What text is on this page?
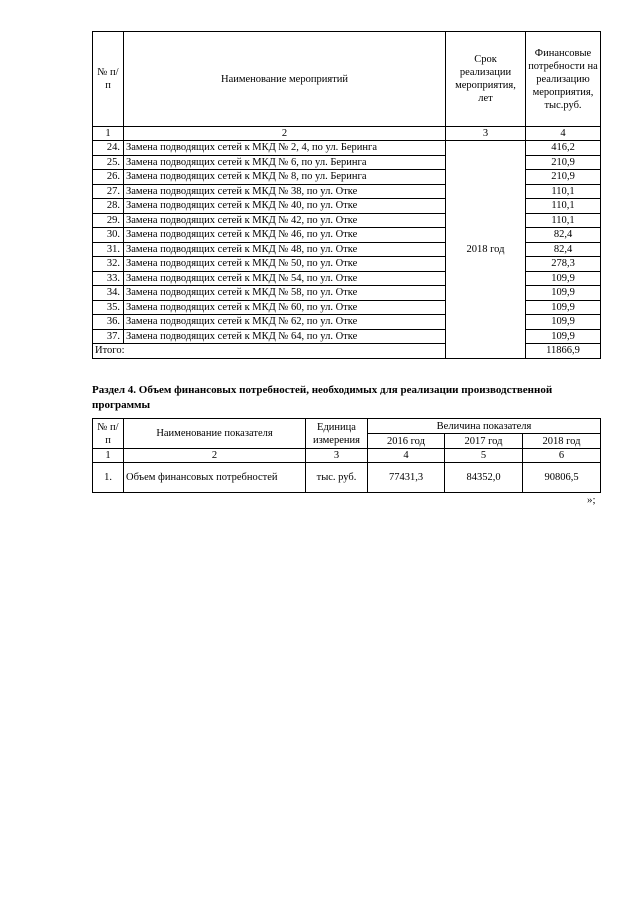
№ п/п	Наименование мероприятий	Срок реализации мероприятия, лет	Финансовые потребности на реализацию мероприятия, тыс.руб.
1	2	3	4
24.	Замена подводящих сетей к МКД № 2, 4, по ул. Беринга	2018 год	416,2
25.	Замена подводящих сетей к МКД № 6, по ул. Беринга		210,9
26.	Замена подводящих сетей к МКД № 8, по ул. Беринга		210,9
27.	Замена подводящих сетей к МКД № 38, по ул. Отке		110,1
28.	Замена подводящих сетей к МКД № 40, по ул. Отке		110,1
29.	Замена подводящих сетей к МКД № 42, по ул. Отке		110,1
30.	Замена подводящих сетей к МКД № 46, по ул. Отке		82,4
31.	Замена подводящих сетей к МКД № 48, по ул. Отке		82,4
32.	Замена подводящих сетей к МКД № 50, по ул. Отке		278,3
33.	Замена подводящих сетей к МКД № 54, по ул. Отке		109,9
34.	Замена подводящих сетей к МКД № 58, по ул. Отке		109,9
35.	Замена подводящих сетей к МКД № 60, по ул. Отке		109,9
36.	Замена подводящих сетей к МКД № 62, по ул. Отке		109,9
37.	Замена подводящих сетей к МКД № 64, по ул. Отке		109,9
Итого:			11866,9
Раздел 4. Объем финансовых потребностей, необходимых для реализации производственной программы
№ п/п	Наименование показателя	Единица измерения	Величина показателя		
			2016 год	2017 год	2018 год
1	2	3	4	5	6
1.	Объем финансовых потребностей	тыс. руб.	77431,3	84352,0	90806,5
»;
